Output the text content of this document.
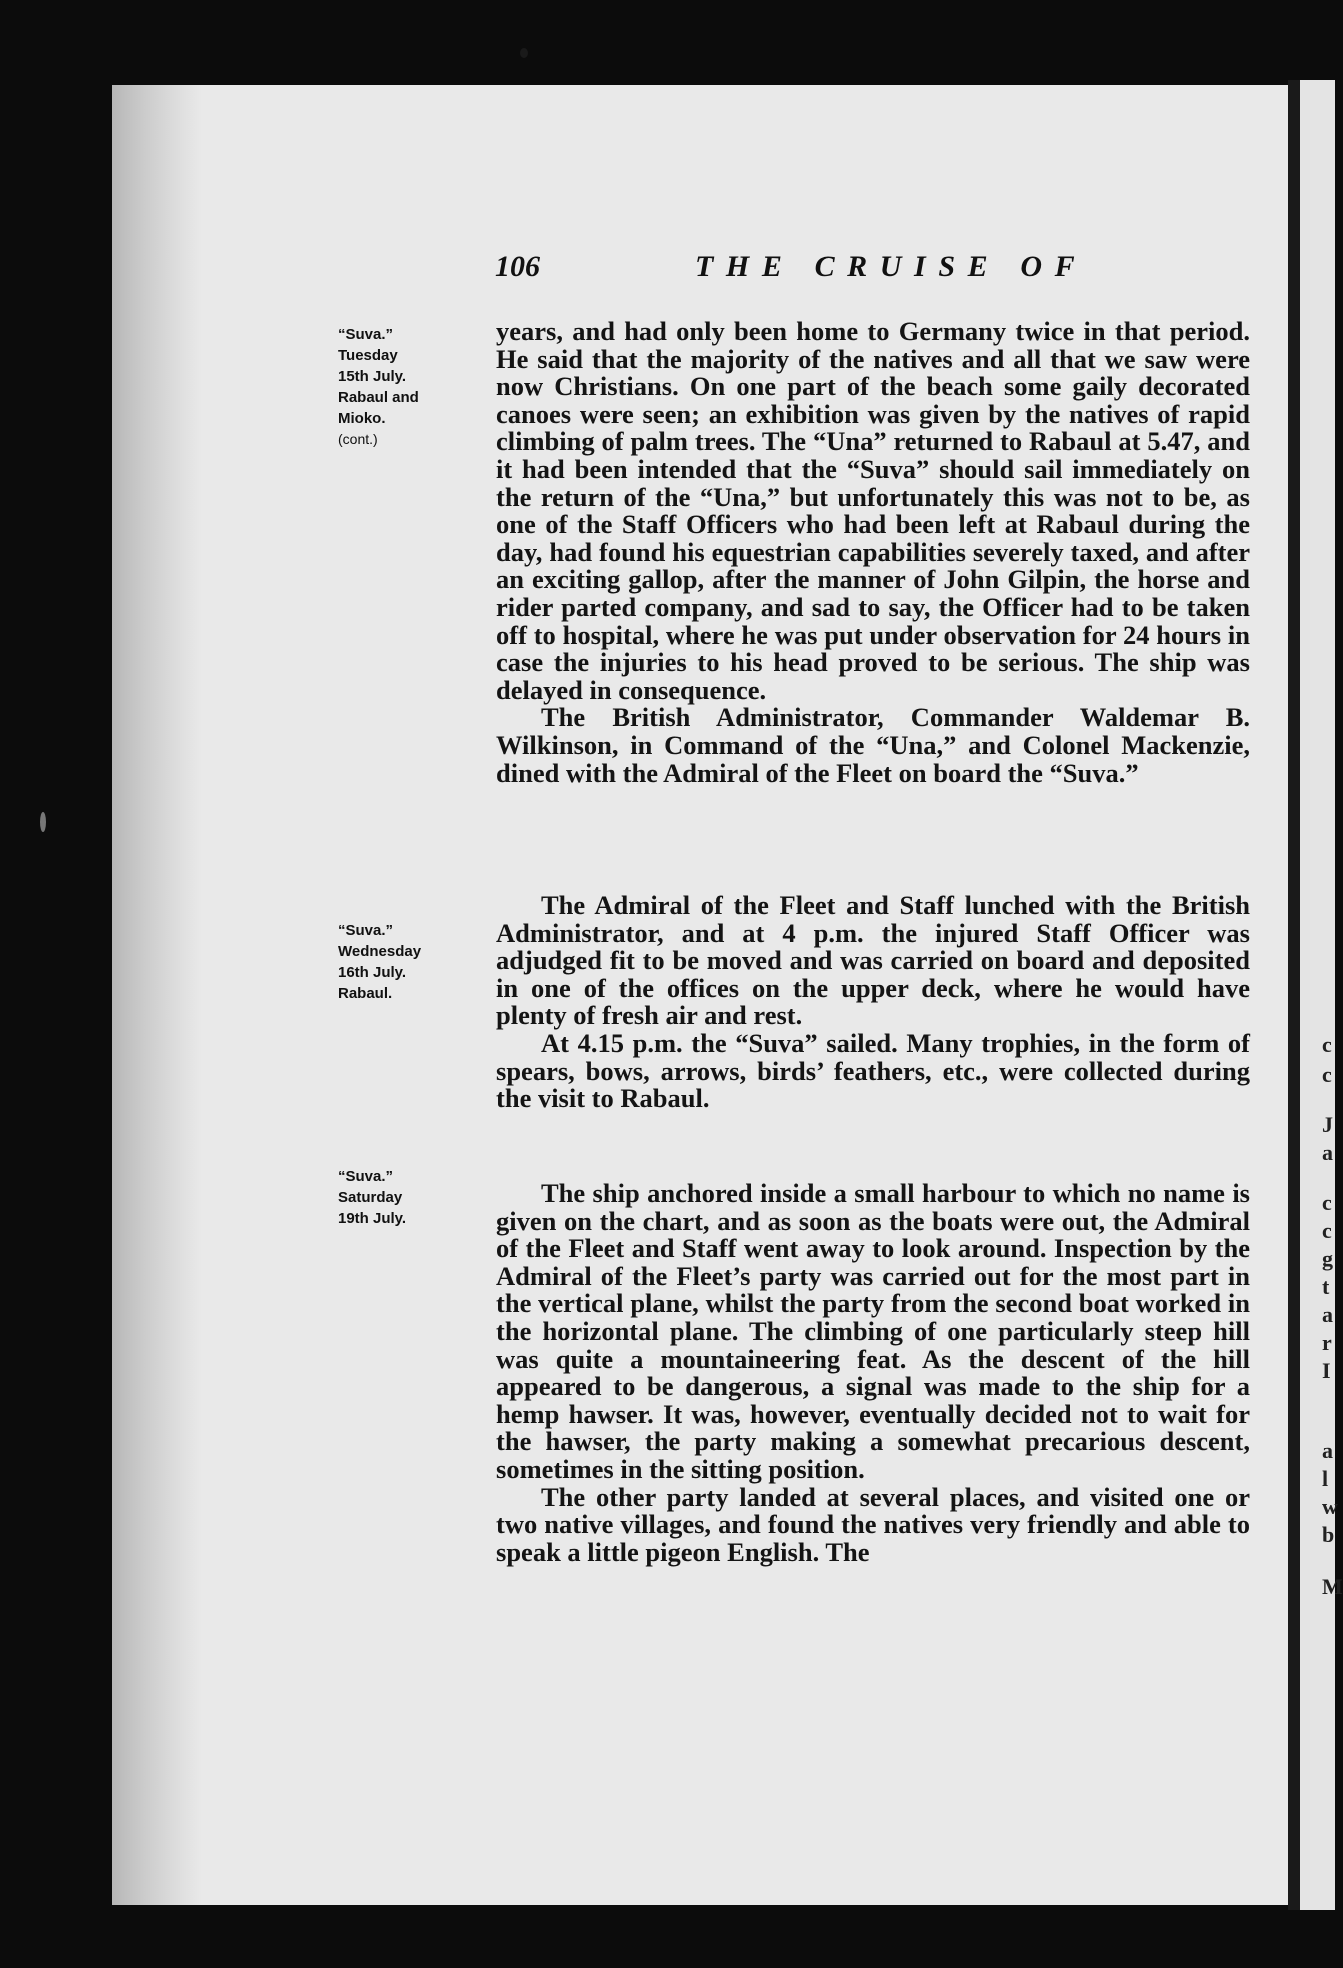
c
c
J
a
c
c
g
t
a
r
I
a
l
w
b
M
106	THE CRUISE OF
“Suva.”
Tuesday
15th July.
Rabaul and
Mioko.
(cont.)
“Suva.”
Wednesday
16th July.
Rabaul.
“Suva.”
Saturday
19th July.

years, and had only been home to Germany twice in that period. He said that the majority of the natives and all that we saw were now Christians. On one part of the beach some gaily decorated canoes were seen; an exhibition was given by the natives of rapid climbing of palm trees. The “Una” returned to Rabaul at 5.47, and it had been intended that the “Suva” should sail immediately on the return of the “Una,” but unfortunately this was not to be, as one of the Staff Officers who had been left at Rabaul during the day, had found his equestrian capabilities severely taxed, and after an exciting gallop, after the manner of John Gilpin, the horse and rider parted company, and sad to say, the Officer had to be taken off to hospital, where he was put under observation for 24 hours in case the injuries to his head proved to be serious. The ship was delayed in consequence.

The British Administrator, Commander Waldemar B. Wilkinson, in Command of the “Una,” and Colonel Mackenzie, dined with the Admiral of the Fleet on board the “Suva.”

The Admiral of the Fleet and Staff lunched with the British Administrator, and at 4 p.m. the injured Staff Officer was adjudged fit to be moved and was carried on board and deposited in one of the offices on the upper deck, where he would have plenty of fresh air and rest.

At 4.15 p.m. the “Suva” sailed. Many trophies, in the form of spears, bows, arrows, birds’ feathers, etc., were collected during the visit to Rabaul.

The ship anchored inside a small harbour to which no name is given on the chart, and as soon as the boats were out, the Admiral of the Fleet and Staff went away to look around. Inspection by the Admiral of the Fleet’s party was carried out for the most part in the vertical plane, whilst the party from the second boat worked in the horizontal plane. The climbing of one particularly steep hill was quite a mountaineering feat. As the descent of the hill appeared to be dangerous, a signal was made to the ship for a hemp hawser. It was, however, eventually decided not to wait for the hawser, the party making a somewhat precarious descent, sometimes in the sitting position.

The other party landed at several places, and visited one or two native villages, and found the natives very friendly and able to speak a little pigeon English. The
